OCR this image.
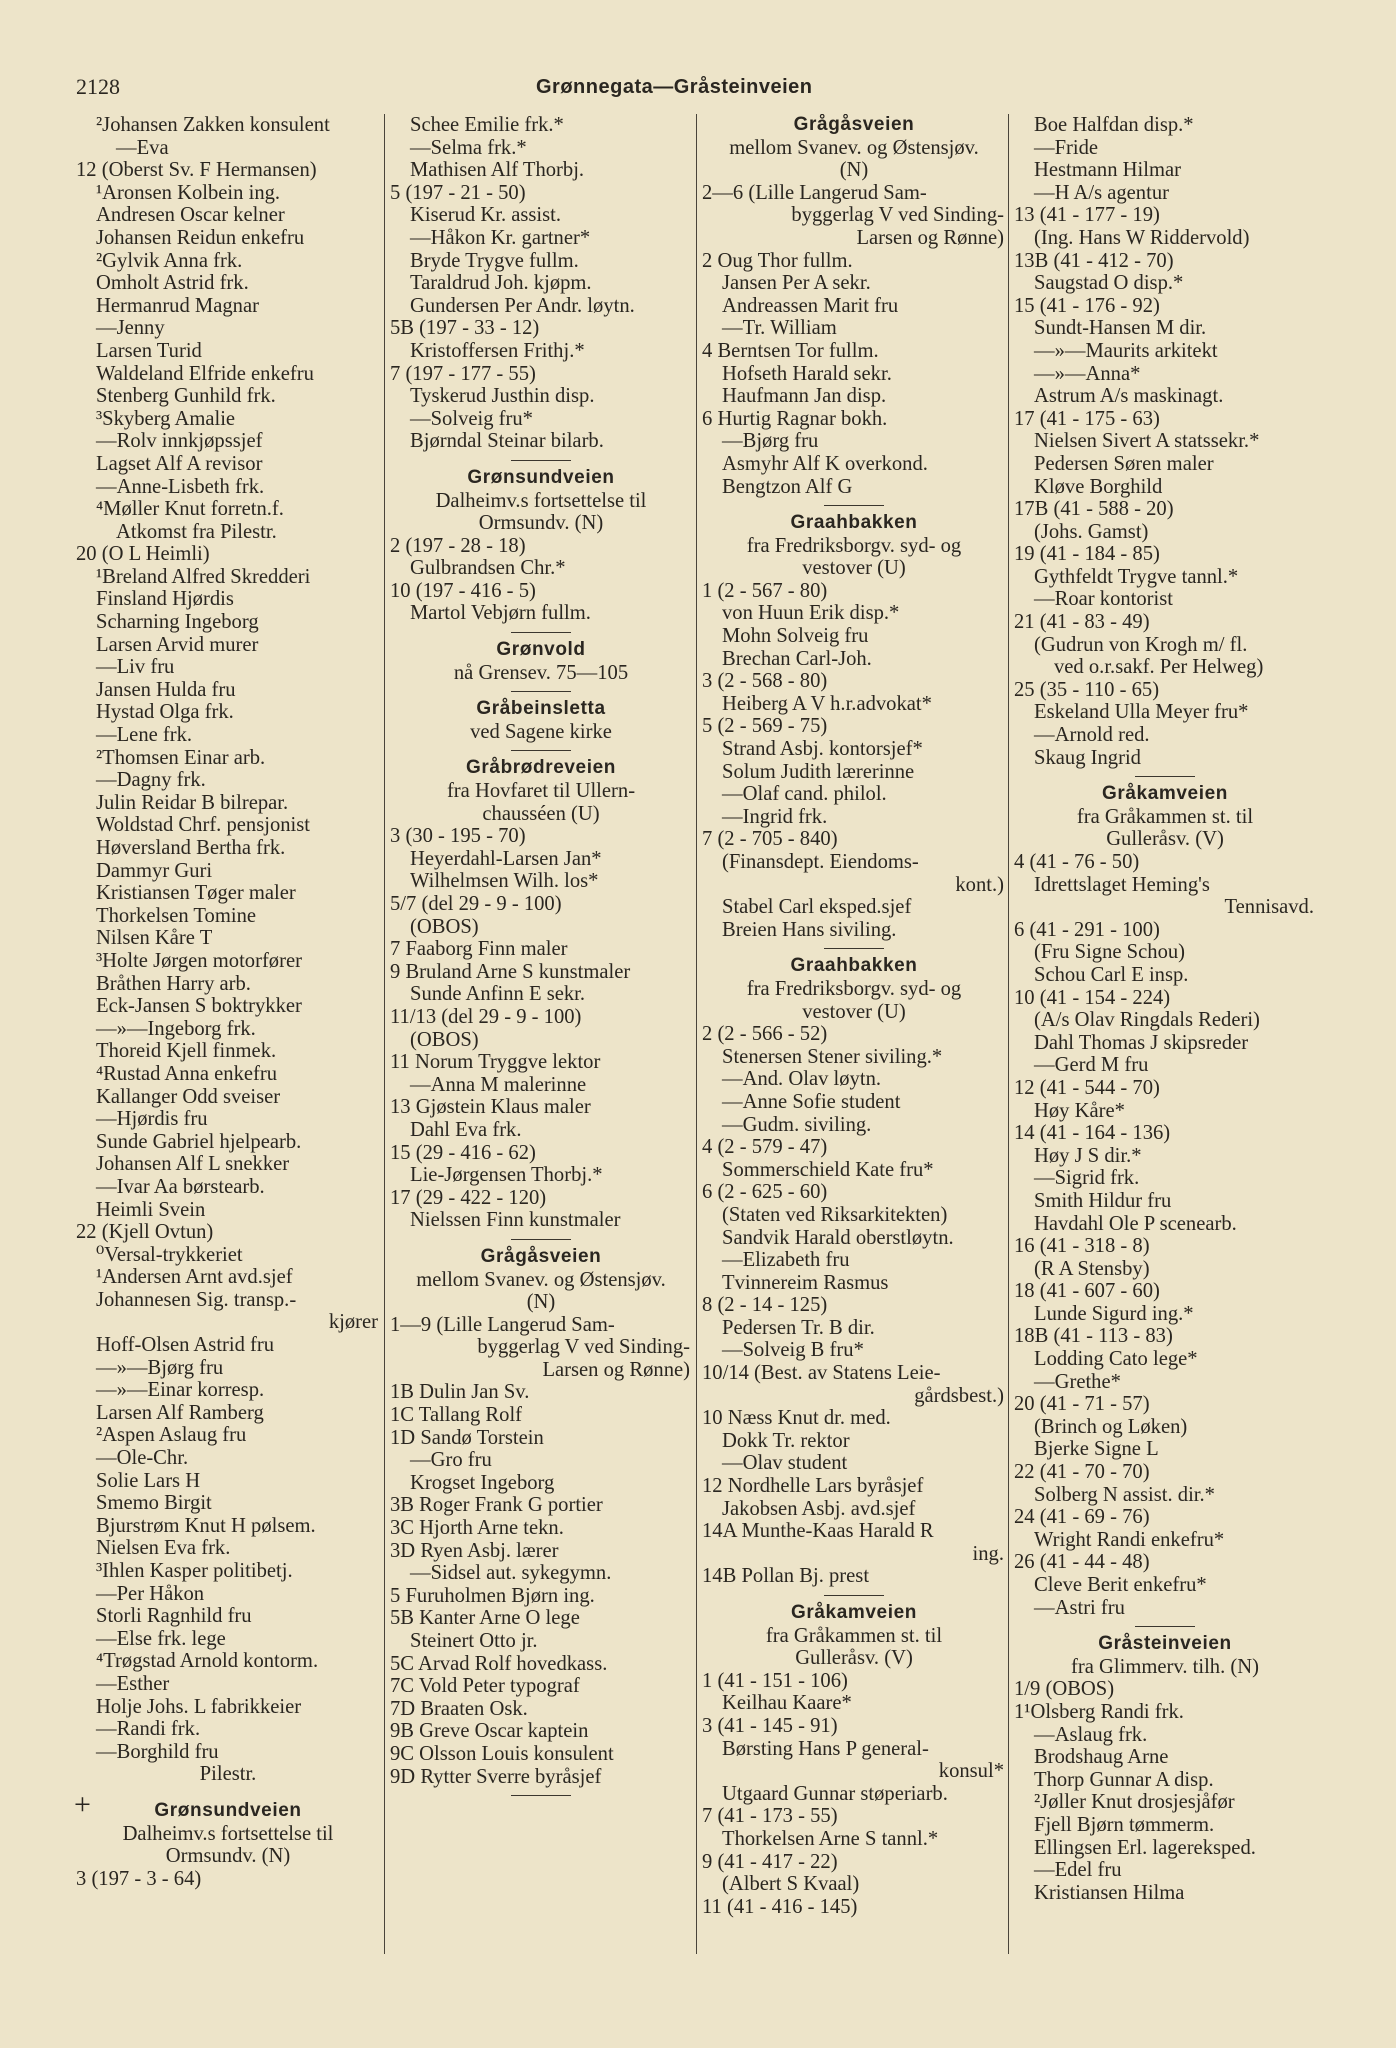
2128	Grønnegata—Gråsteinveien
²Johansen Zakken konsulent
—Eva
12 (Oberst Sv. F Hermansen)
¹Aronsen Kolbein ing.
Andresen Oscar kelner
Johansen Reidun enkefru
²Gylvik Anna frk.
Omholt Astrid frk.
Hermanrud Magnar
—Jenny
Larsen Turid
Waldeland Elfride enkefru
Stenberg Gunhild frk.
³Skyberg Amalie
—Rolv innkjøpssjef
Lagset Alf A revisor
—Anne-Lisbeth frk.
⁴Møller Knut forretn.f.
Atkomst fra Pilestr.
20 (O L Heimli)
¹Breland Alfred Skredderi
Finsland Hjørdis
Scharning Ingeborg
Larsen Arvid murer
—Liv fru
Jansen Hulda fru
Hystad Olga frk.
—Lene frk.
²Thomsen Einar arb.
—Dagny frk.
Julin Reidar B bilrepar.
Woldstad Chrf. pensjonist
Høversland Bertha frk.
Dammyr Guri
Kristiansen Tøger maler
Thorkelsen Tomine
Nilsen Kåre T
³Holte Jørgen motorfører
Bråthen Harry arb.
Eck-Jansen S boktrykker
—»—Ingeborg frk.
Thoreid Kjell finmek.
⁴Rustad Anna enkefru
Kallanger Odd sveiser
—Hjørdis fru
Sunde Gabriel hjelpearb.
Johansen Alf L snekker
—Ivar Aa børstearb.
Heimli Svein
22 (Kjell Ovtun)
⁰Versal-trykkeriet
¹Andersen Arnt avd.sjef
Johannesen Sig. transp.-
kjører
Hoff-Olsen Astrid fru
—»—Bjørg fru
—»—Einar korresp.
Larsen Alf Ramberg
²Aspen Aslaug fru
—Ole-Chr.
Solie Lars H
Smemo Birgit
Bjurstrøm Knut H pølsem.
Nielsen Eva frk.
³Ihlen Kasper politibetj.
—Per Håkon
Storli Ragnhild fru
—Else frk. lege
⁴Trøgstad Arnold kontorm.
—Esther
Holje Johs. L fabrikkeier
—Randi frk.
—Borghild fru
Pilestr.
Grønsundveien
Dalheimv.s fortsettelse til
Ormsundv. (N)
3 (197 - 3 - 64)
Schee Emilie frk.*
—Selma frk.*
Mathisen Alf Thorbj.
5 (197 - 21 - 50)
Kiserud Kr. assist.
—Håkon Kr. gartner*
Bryde Trygve fullm.
Taraldrud Joh. kjøpm.
Gundersen Per Andr. løytn.
5B (197 - 33 - 12)
Kristoffersen Frithj.*
7 (197 - 177 - 55)
Tyskerud Justhin disp.
—Solveig fru*
Bjørndal Steinar bilarb.
Grønsundveien
Dalheimv.s fortsettelse til
Ormsundv. (N)
2 (197 - 28 - 18)
Gulbrandsen Chr.*
10 (197 - 416 - 5)
Martol Vebjørn fullm.
Grønvold
nå Grensev. 75—105
Gråbeinsletta
ved Sagene kirke
Gråbrødreveien
fra Hovfaret til Ullern-
chausséen (U)
3 (30 - 195 - 70)
Heyerdahl-Larsen Jan*
Wilhelmsen Wilh. los*
5/7 (del 29 - 9 - 100)
(OBOS)
7 Faaborg Finn maler
9 Bruland Arne S kunstmaler
Sunde Anfinn E sekr.
11/13 (del 29 - 9 - 100)
(OBOS)
11 Norum Tryggve lektor
—Anna M malerinne
13 Gjøstein Klaus maler
Dahl Eva frk.
15 (29 - 416 - 62)
Lie-Jørgensen Thorbj.*
17 (29 - 422 - 120)
Nielssen Finn kunstmaler
Grågåsveien
mellom Svanev. og Østensjøv.
(N)
1—9 (Lille Langerud Sam-
byggerlag V ved Sinding-
Larsen og Rønne)
1B Dulin Jan Sv.
1C Tallang Rolf
1D Sandø Torstein
—Gro fru
Krogset Ingeborg
3B Roger Frank G portier
3C Hjorth Arne tekn.
3D Ryen Asbj. lærer
—Sidsel aut. sykegymn.
5 Furuholmen Bjørn ing.
5B Kanter Arne O lege
Steinert Otto jr.
5C Arvad Rolf hovedkass.
7C Vold Peter typograf
7D Braaten Osk.
9B Greve Oscar kaptein
9C Olsson Louis konsulent
9D Rytter Sverre byråsjef
Grågåsveien
mellom Svanev. og Østensjøv.
(N)
2—6 (Lille Langerud Sam-
byggerlag V ved Sinding-
Larsen og Rønne)
2 Oug Thor fullm.
Jansen Per A sekr.
Andreassen Marit fru
—Tr. William
4 Berntsen Tor fullm.
Hofseth Harald sekr.
Haufmann Jan disp.
6 Hurtig Ragnar bokh.
—Bjørg fru
Asmyhr Alf K overkond.
Bengtzon Alf G
Graahbakken
fra Fredriksborgv. syd- og
vestover (U)
1 (2 - 567 - 80)
von Huun Erik disp.*
Mohn Solveig fru
Brechan Carl-Joh.
3 (2 - 568 - 80)
Heiberg A V h.r.advokat*
5 (2 - 569 - 75)
Strand Asbj. kontorsjef*
Solum Judith lærerinne
—Olaf cand. philol.
—Ingrid frk.
7 (2 - 705 - 840)
(Finansdept. Eiendoms-
kont.)
Stabel Carl eksped.sjef
Breien Hans siviling.
Graahbakken
fra Fredriksborgv. syd- og
vestover (U)
2 (2 - 566 - 52)
Stenersen Stener siviling.*
—And. Olav løytn.
—Anne Sofie student
—Gudm. siviling.
4 (2 - 579 - 47)
Sommerschield Kate fru*
6 (2 - 625 - 60)
(Staten ved Riksarkitekten)
Sandvik Harald oberstløytn.
—Elizabeth fru
Tvinnereim Rasmus
8 (2 - 14 - 125)
Pedersen Tr. B dir.
—Solveig B fru*
10/14 (Best. av Statens Leie-
gårdsbest.)
10 Næss Knut dr. med.
Dokk Tr. rektor
—Olav student
12 Nordhelle Lars byråsjef
Jakobsen Asbj. avd.sjef
14A Munthe-Kaas Harald R
ing.
14B Pollan Bj. prest
Gråkamveien
fra Gråkammen st. til
Gulleråsv. (V)
1 (41 - 151 - 106)
Keilhau Kaare*
3 (41 - 145 - 91)
Børsting Hans P general-
konsul*
Utgaard Gunnar støperiarb.
7 (41 - 173 - 55)
Thorkelsen Arne S tannl.*
9 (41 - 417 - 22)
(Albert S Kvaal)
11 (41 - 416 - 145)
Boe Halfdan disp.*
—Fride
Hestmann Hilmar
—H A/s agentur
13 (41 - 177 - 19)
(Ing. Hans W Riddervold)
13B (41 - 412 - 70)
Saugstad O disp.*
15 (41 - 176 - 92)
Sundt-Hansen M dir.
—»—Maurits arkitekt
—»—Anna*
Astrum A/s maskinagt.
17 (41 - 175 - 63)
Nielsen Sivert A statssekr.*
Pedersen Søren maler
Kløve Borghild
17B (41 - 588 - 20)
(Johs. Gamst)
19 (41 - 184 - 85)
Gythfeldt Trygve tannl.*
—Roar kontorist
21 (41 - 83 - 49)
(Gudrun von Krogh m/ fl.
ved o.r.sakf. Per Helweg)
25 (35 - 110 - 65)
Eskeland Ulla Meyer fru*
—Arnold red.
Skaug Ingrid
Gråkamveien
fra Gråkammen st. til
Gulleråsv. (V)
4 (41 - 76 - 50)
Idrettslaget Heming's
Tennisavd.
6 (41 - 291 - 100)
(Fru Signe Schou)
Schou Carl E insp.
10 (41 - 154 - 224)
(A/s Olav Ringdals Rederi)
Dahl Thomas J skipsreder
—Gerd M fru
12 (41 - 544 - 70)
Høy Kåre*
14 (41 - 164 - 136)
Høy J S dir.*
—Sigrid frk.
Smith Hildur fru
Havdahl Ole P scenearb.
16 (41 - 318 - 8)
(R A Stensby)
18 (41 - 607 - 60)
Lunde Sigurd ing.*
18B (41 - 113 - 83)
Lodding Cato lege*
—Grethe*
20 (41 - 71 - 57)
(Brinch og Løken)
Bjerke Signe L
22 (41 - 70 - 70)
Solberg N assist. dir.*
24 (41 - 69 - 76)
Wright Randi enkefru*
26 (41 - 44 - 48)
Cleve Berit enkefru*
—Astri fru
Gråsteinveien
fra Glimmerv. tilh. (N)
1/9 (OBOS)
1¹Olsberg Randi frk.
—Aslaug frk.
Brodshaug Arne
Thorp Gunnar A disp.
²Jøller Knut drosjesjåfør
Fjell Bjørn tømmerm.
Ellingsen Erl. lagereksped.
—Edel fru
Kristiansen Hilma
+
